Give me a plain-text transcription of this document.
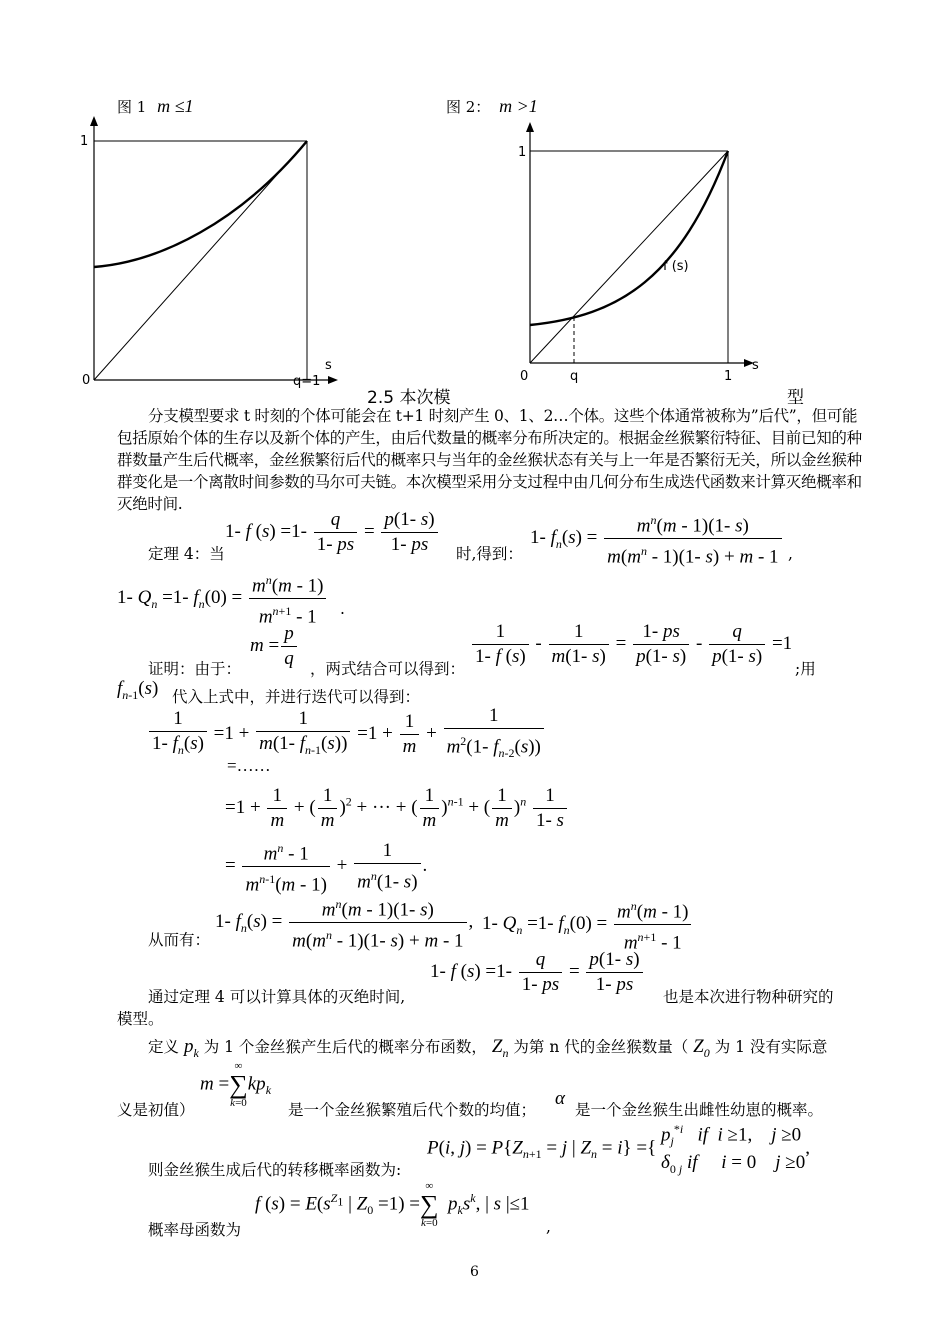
图 1 m ≤1
1
0
s
q=1
图 2： m >1
1
f (s)
s
0	q	1
2.5 本次模	型
分支模型要求 t 时刻的个体可能会在 t+1 时刻产生 0、1、2…个体。这些个体通常被称为”后代”，但可能包括原始个体的生存以及新个体的产生，由后代数量的概率分布所决定的。根据金丝猴繁衍特征、目前已知的种群数量产生后代概率，金丝猴繁衍后代的概率只与当年的金丝猴状态有关与上一年是否繁衍无关，所以金丝猴种群变化是一个离散时间参数的马尔可夫链。本次模型采用分支过程中由几何分布生成迭代函数来计算灭绝概率和灭绝时间.
1- f $(s) =1- \frac{q}{1- ps} = \frac{p(1- s)}{1- ps}$
定理 4：当	时,得到：
1- $f_n(s) = \frac{m^n(m - 1)(1- s)}{m(m^n - 1)(1- s) + m - 1}$ ,
1- $Q_n =1-$ $f_n(0) = \frac{m^n(m - 1)}{m^{n+1} - 1}$ .
$m = \frac{p}{q}$
证明：由于：	，两式结合可以得到： $\frac{1}{1- f (s)} - \frac{1}{m(1- s)} = \frac{1- ps}{p(1- s)} - \frac{q}{p(1- s)} =1$
;用
$f_{n-1}(s)$ 代入上式中，并进行迭代可以得到：
$\frac{1}{1- f_n(s)} =1 + \frac{1}{m(1- f_{n-1}(s))} =1 + \frac{1}{m} + \frac{1}{m^2(1- f_{n-2}(s))}$
=……
$=1 + \frac{1}{m}$ + ( $\frac{1}{m} )^2$ + ··· + ( $\frac{1}{m} )^{n-1}$ + ( $\frac{1}{m} )^n \frac{1}{1- s}$
= $\frac{m^n - 1}{m^{n-1}(m - 1)} + \frac{1}{m^n(1- s)}$ .
1- $f_n(s) = \frac{m^n(m - 1)(1- s)}{m(m^n - 1)(1- s) + m - 1}$ ,
从而有：
1- $Q_n =1-$ $f_n(0) = \frac{m^n(m - 1)}{m^{n+1} - 1}$
1- f $(s) =1- \frac{q}{1- ps} = \frac{p(1- s)}{1- ps}$
通过定理 4 可以计算具体的灭绝时间,	也是本次进行物种研究的
模型。
定义 $p_k$ 为 1 个金丝猴产生后代的概率分布函数， $Z_n$ 为第 n 代的金丝猴数量（ $Z_0$ 为 1 没有实际意
m =
∞
∑
k=0
$kp_k$
义是初值）	是一个金丝猴繁殖后代个数的均值；
α
是一个金丝猴生出雌性幼崽的概率。
P(i, $j) = P\{Z_{n+1} = j$ | $Z_n = i$} ={
$p_j^{*i}$ if i ≥1,    j ≥0
$\delta_{0 j}$ if i = 0    j ≥0
,
则金丝猴生成后代的转移概率函数为:
f $(s) = E(s^{Z_1}$ | $Z_0 =1$) =
∞
∑
k=0
$p_ks^k$, | s |≤1
概率母函数为	,
6
